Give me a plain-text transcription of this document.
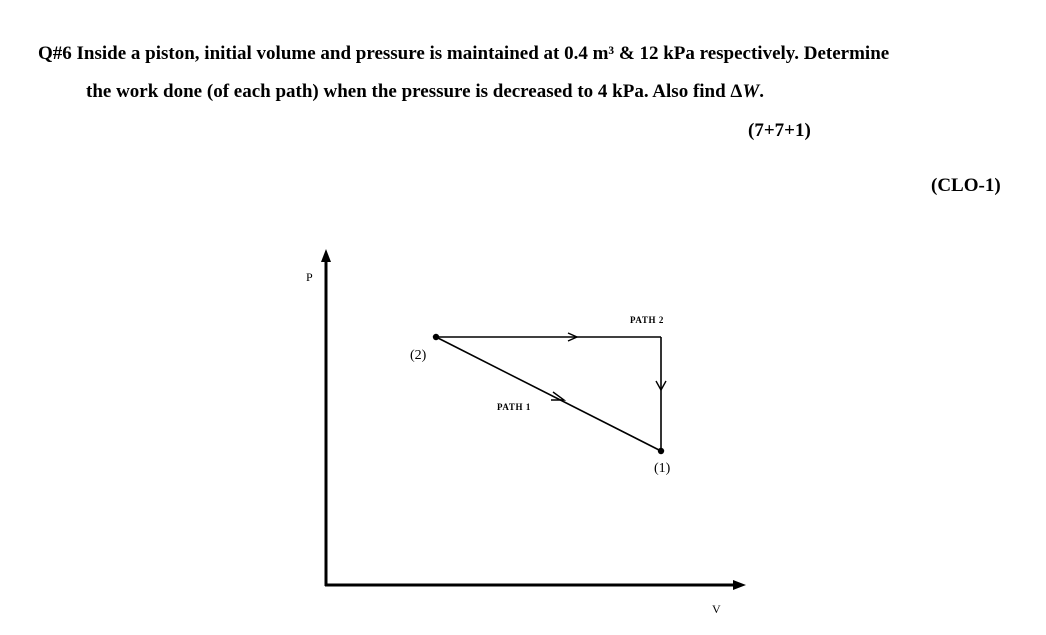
Q#6 Inside a piston, initial volume and pressure is maintained at 0.4 m³ & 12 kPa respectively. Determine
the work done (of each path) when the pressure is decreased to 4 kPa. Also find ΔW.
(7+7+1)
(CLO-1)
P
V
(2)
(1)
PATH 2
PATH 1
